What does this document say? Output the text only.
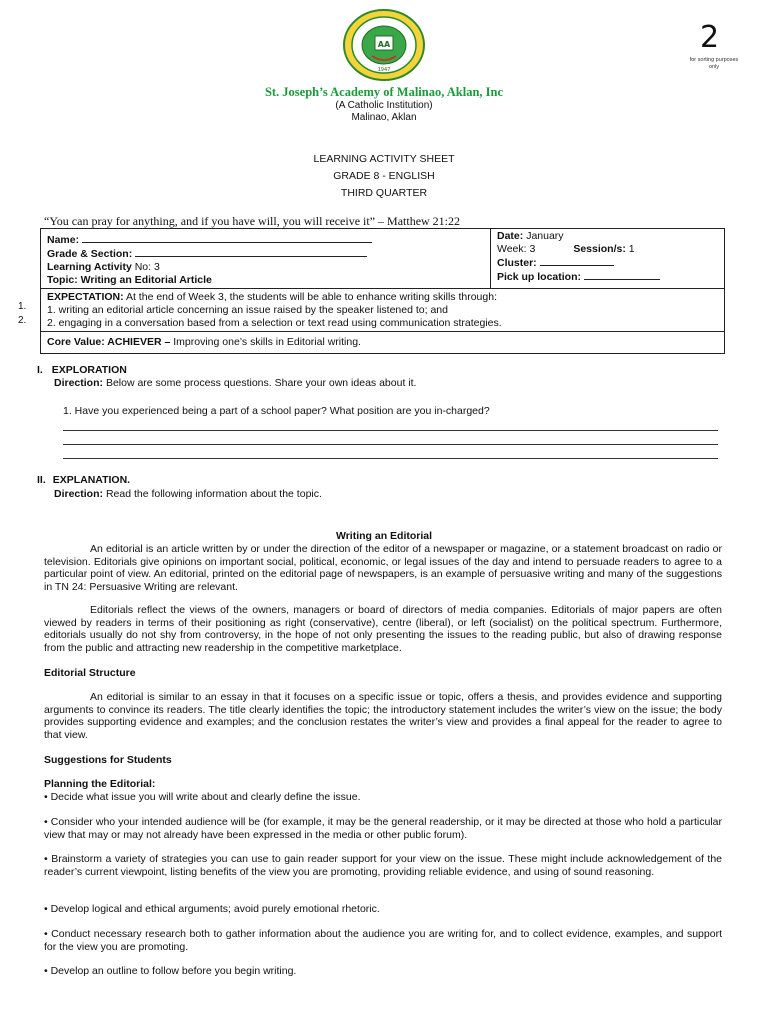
AA
1947
2
for sorting purposes only
St. Joseph’s Academy of Malinao, Aklan, Inc
(A Catholic Institution)
Malinao, Aklan
LEARNING ACTIVITY SHEET
GRADE 8 - ENGLISH
THIRD QUARTER
“You can pray for anything, and if you have will, you will receive it” – Matthew 21:22
Name:
Grade & Section:
Learning Activity No: 3
Topic: Writing an Editorial Article

Date: January
Week: 3	Session/s: 1
Cluster:
Pick up location:

EXPECTATION: At the end of Week 3, the students will be able to enhance writing skills through:
1. writing an editorial article concerning an issue raised by the speaker listened to; and
2. engaging in a conversation based from a selection or text read using communication strategies.

Core Value: ACHIEVER – Improving one’s skills in Editorial writing.
1.
2.
I. EXPLORATION
Direction: Below are some process questions. Share your own ideas about it.
1. Have you experienced being a part of a school paper? What position are you in-charged?
II. EXPLANATION.
Direction: Read the following information about the topic.
Writing an Editorial
An editorial is an article written by or under the direction of the editor of a newspaper or magazine, or a statement broadcast on radio or television. Editorials give opinions on important social, political, economic, or legal issues of the day and intend to persuade readers to agree to a particular point of view. An editorial, printed on the editorial page of newspapers, is an example of persuasive writing and many of the suggestions in TN 24: Persuasive Writing are relevant.
Editorials reflect the views of the owners, managers or board of directors of media companies. Editorials of major papers are often viewed by readers in terms of their positioning as right (conservative), centre (liberal), or left (socialist) on the political spectrum. Furthermore, editorials usually do not shy from controversy, in the hope of not only presenting the issues to the reading public, but also of drawing response from the public and attracting new readership in the competitive marketplace.
Editorial Structure
An editorial is similar to an essay in that it focuses on a specific issue or topic, offers a thesis, and provides evidence and supporting arguments to convince its readers. The title clearly identifies the topic; the introductory statement includes the writer’s view on the issue; the body provides supporting evidence and examples; and the conclusion restates the writer’s view and provides a final appeal for the reader to agree to that view.
Suggestions for Students
Planning the Editorial:
• Decide what issue you will write about and clearly define the issue.
• Consider who your intended audience will be (for example, it may be the general readership, or it may be directed at those who hold a particular view that may or may not already have been expressed in the media or other public forum).
• Brainstorm a variety of strategies you can use to gain reader support for your view on the issue. These might include acknowledgement of the reader’s current viewpoint, listing benefits of the view you are promoting, providing reliable evidence, and using of sound reasoning.
• Develop logical and ethical arguments; avoid purely emotional rhetoric.
• Conduct necessary research both to gather information about the audience you are writing for, and to collect evidence, examples, and support for the view you are promoting.
• Develop an outline to follow before you begin writing.
